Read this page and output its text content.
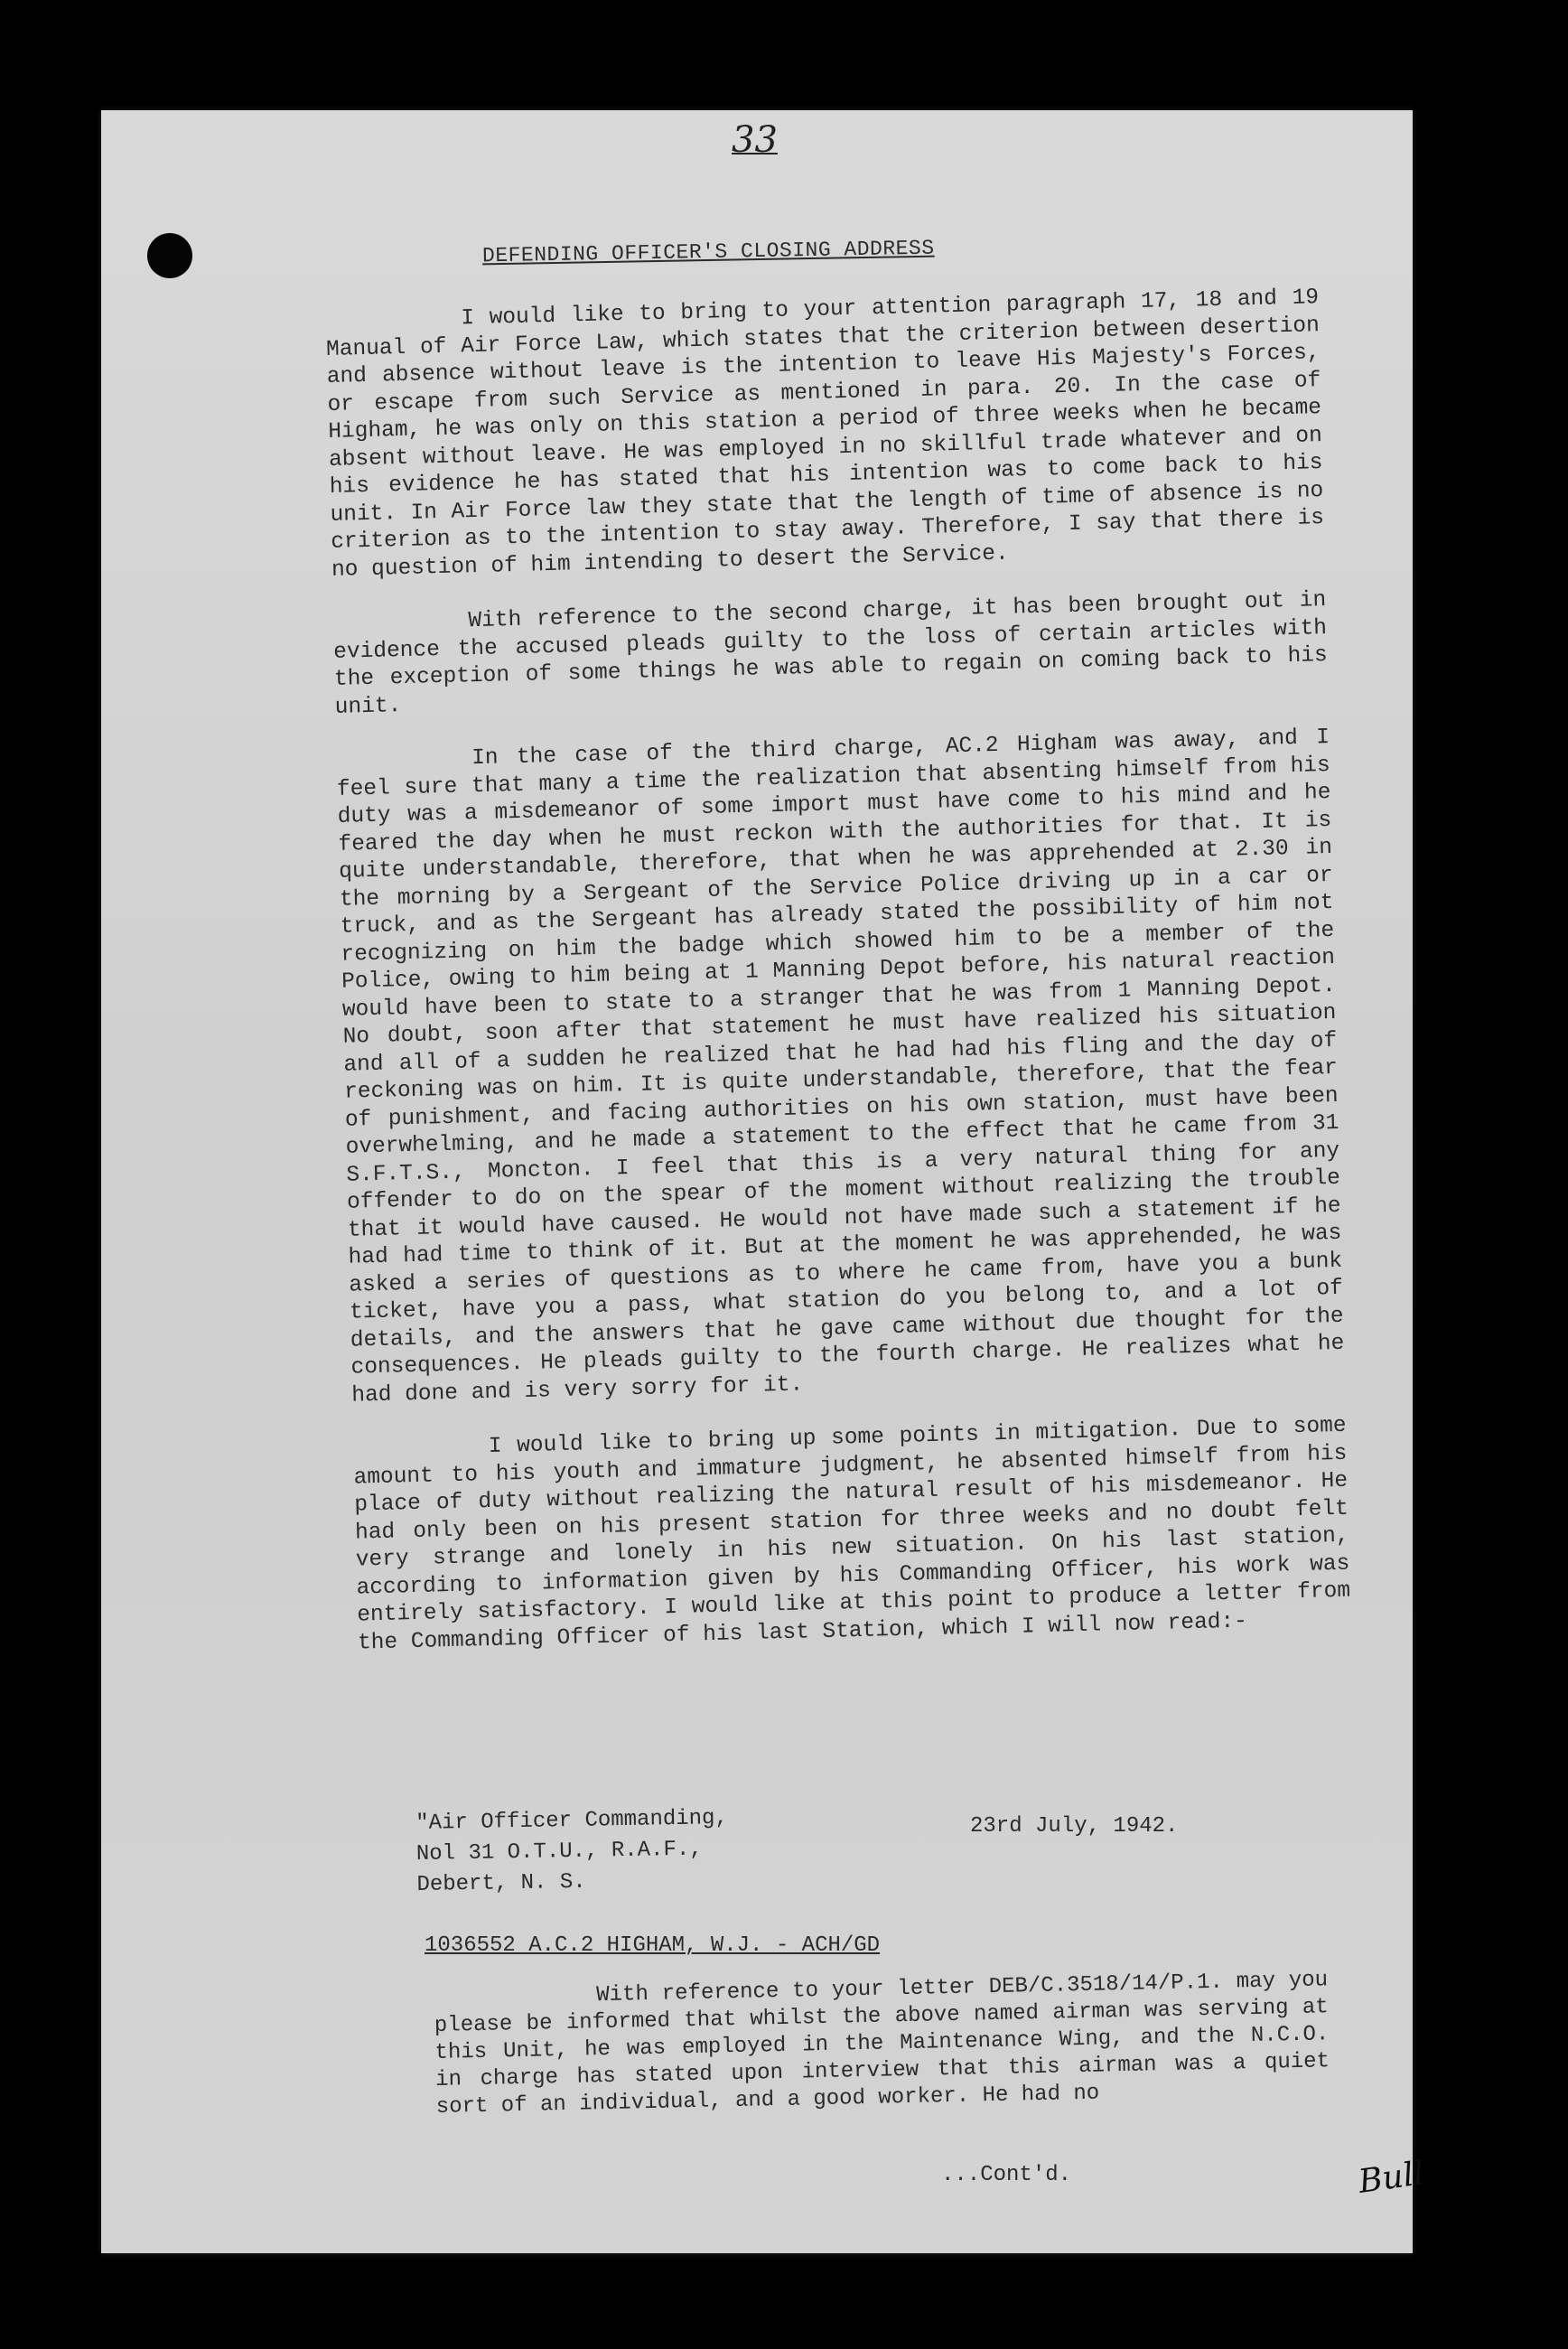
33
DEFENDING OFFICER'S CLOSING ADDRESS

I would like to bring to your attention paragraph 17, 18 and 19 Manual of Air Force Law, which states that the criterion between desertion and absence without leave is the intention to leave His Majesty's Forces, or escape from such Service as mentioned in para. 20. In the case of Higham, he was only on this station a period of three weeks when he became absent without leave. He was employed in no skillful trade whatever and on his evidence he has stated that his intention was to come back to his unit. In Air Force law they state that the length of time of absence is no criterion as to the intention to stay away. Therefore, I say that there is no question of him intending to desert the Service.

With reference to the second charge, it has been brought out in evidence the accused pleads guilty to the loss of certain articles with the exception of some things he was able to regain on coming back to his unit.

In the case of the third charge, AC.2 Higham was away, and I feel sure that many a time the realization that absenting himself from his duty was a misdemeanor of some import must have come to his mind and he feared the day when he must reckon with the authorities for that. It is quite understandable, therefore, that when he was apprehended at 2.30 in the morning by a Sergeant of the Service Police driving up in a car or truck, and as the Sergeant has already stated the possibility of him not recognizing on him the badge which showed him to be a member of the Police, owing to him being at 1 Manning Depot before, his natural reaction would have been to state to a stranger that he was from 1 Manning Depot. No doubt, soon after that statement he must have realized his situation and all of a sudden he realized that he had had his fling and the day of reckoning was on him. It is quite understandable, therefore, that the fear of punishment, and facing authorities on his own station, must have been overwhelming, and he made a statement to the effect that he came from 31 S.F.T.S., Moncton. I feel that this is a very natural thing for any offender to do on the spear of the moment without realizing the trouble that it would have caused. He would not have made such a statement if he had had time to think of it. But at the moment he was apprehended, he was asked a series of questions as to where he came from, have you a bunk ticket, have you a pass, what station do you belong to, and a lot of details, and the answers that he gave came without due thought for the consequences. He pleads guilty to the fourth charge. He realizes what he had done and is very sorry for it.

I would like to bring up some points in mitigation. Due to some amount to his youth and immature judgment, he absented himself from his place of duty without realizing the natural result of his misdemeanor. He had only been on his present station for three weeks and no doubt felt very strange and lonely in his new situation. On his last station, according to information given by his Commanding Officer, his work was entirely satisfactory. I would like at this point to produce a letter from the Commanding Officer of his last Station, which I will now read:-

"Air Officer Commanding,
Nol 31 O.T.U., R.A.F.,
Debert, N. S.
23rd July, 1942.
1036552 A.C.2 HIGHAM, W.J. - ACH/GD
With reference to your letter DEB/C.3518/14/P.1. may you please be informed that whilst the above named airman was serving at this Unit, he was employed in the Maintenance Wing, and the N.C.O. in charge has stated upon interview that this airman was a quiet sort of an individual, and a good worker. He had no
...Cont'd.	Bull
